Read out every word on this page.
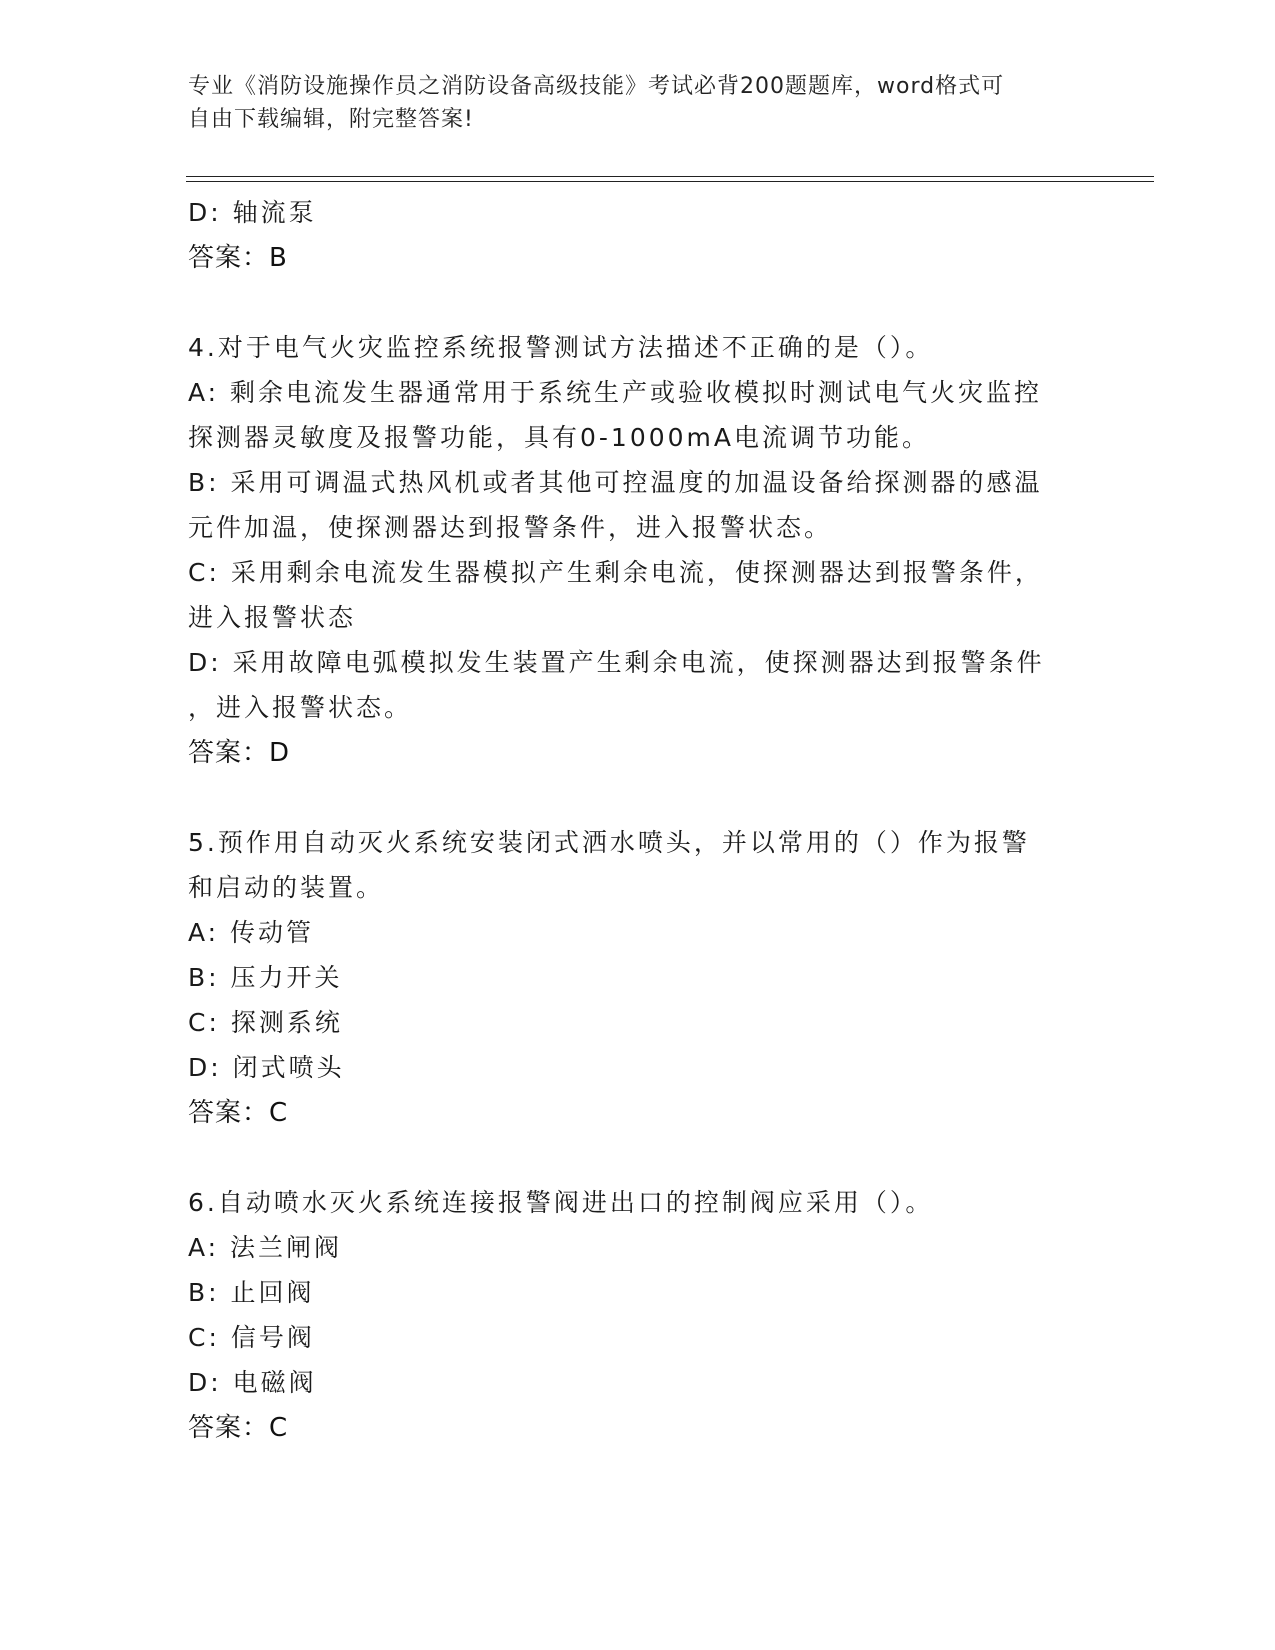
专业《消防设施操作员之消防设备高级技能》考试必背200题题库，word格式可
自由下载编辑，附完整答案!
D: 轴流泵
答案：B
4.对于电气火灾监控系统报警测试方法描述不正确的是（）。
A: 剩余电流发生器通常用于系统生产或验收模拟时测试电气火灾监控
探测器灵敏度及报警功能，具有0-1000mA电流调节功能。
B: 采用可调温式热风机或者其他可控温度的加温设备给探测器的感温
元件加温，使探测器达到报警条件，进入报警状态。
C: 采用剩余电流发生器模拟产生剩余电流，使探测器达到报警条件，
进入报警状态
D: 采用故障电弧模拟发生装置产生剩余电流，使探测器达到报警条件
，进入报警状态。
答案：D
5.预作用自动灭火系统安装闭式洒水喷头，并以常用的（）作为报警
和启动的装置。
A: 传动管
B: 压力开关
C: 探测系统
D: 闭式喷头
答案：C
6.自动喷水灭火系统连接报警阀进出口的控制阀应采用（）。
A: 法兰闸阀
B: 止回阀
C: 信号阀
D: 电磁阀
答案：C
